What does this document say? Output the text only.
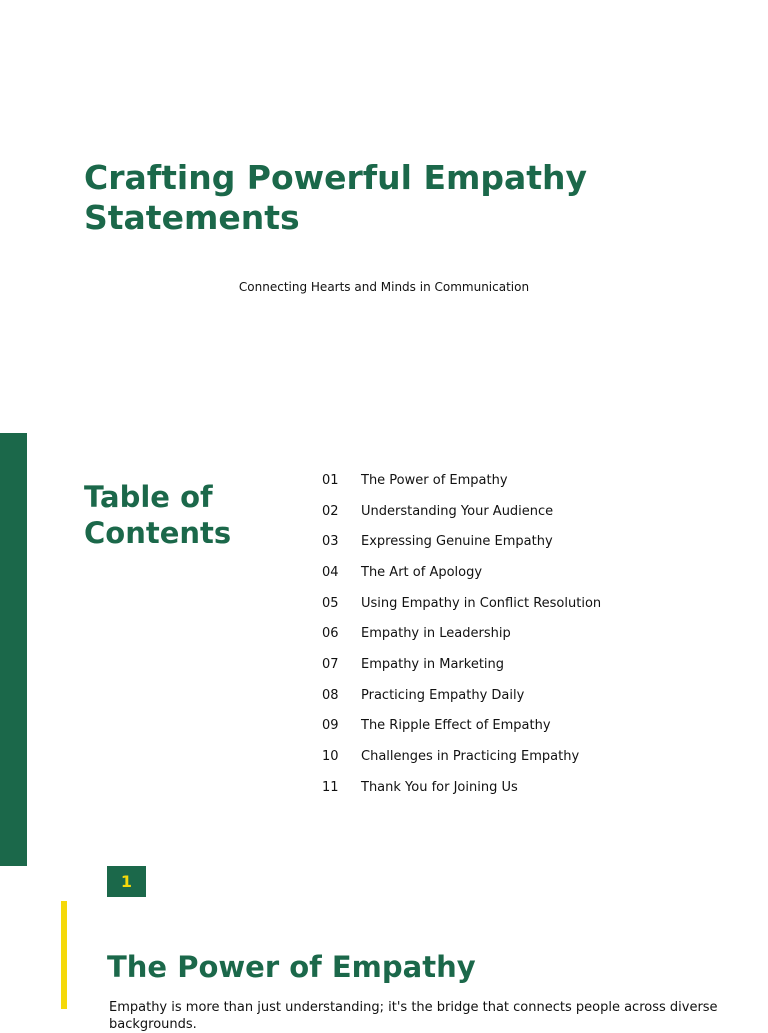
Crafting Powerful Empathy Statements
Connecting Hearts and Minds in Communication
Table of Contents
01	The Power of Empathy
02	Understanding Your Audience
03	Expressing Genuine Empathy
04	The Art of Apology
05	Using Empathy in Conflict Resolution
06	Empathy in Leadership
07	Empathy in Marketing
08	Practicing Empathy Daily
09	The Ripple Effect of Empathy
10	Challenges in Practicing Empathy
11	Thank You for Joining Us
1
The Power of Empathy

Empathy is more than just understanding; it's the bridge that connects people across diverse backgrounds.
